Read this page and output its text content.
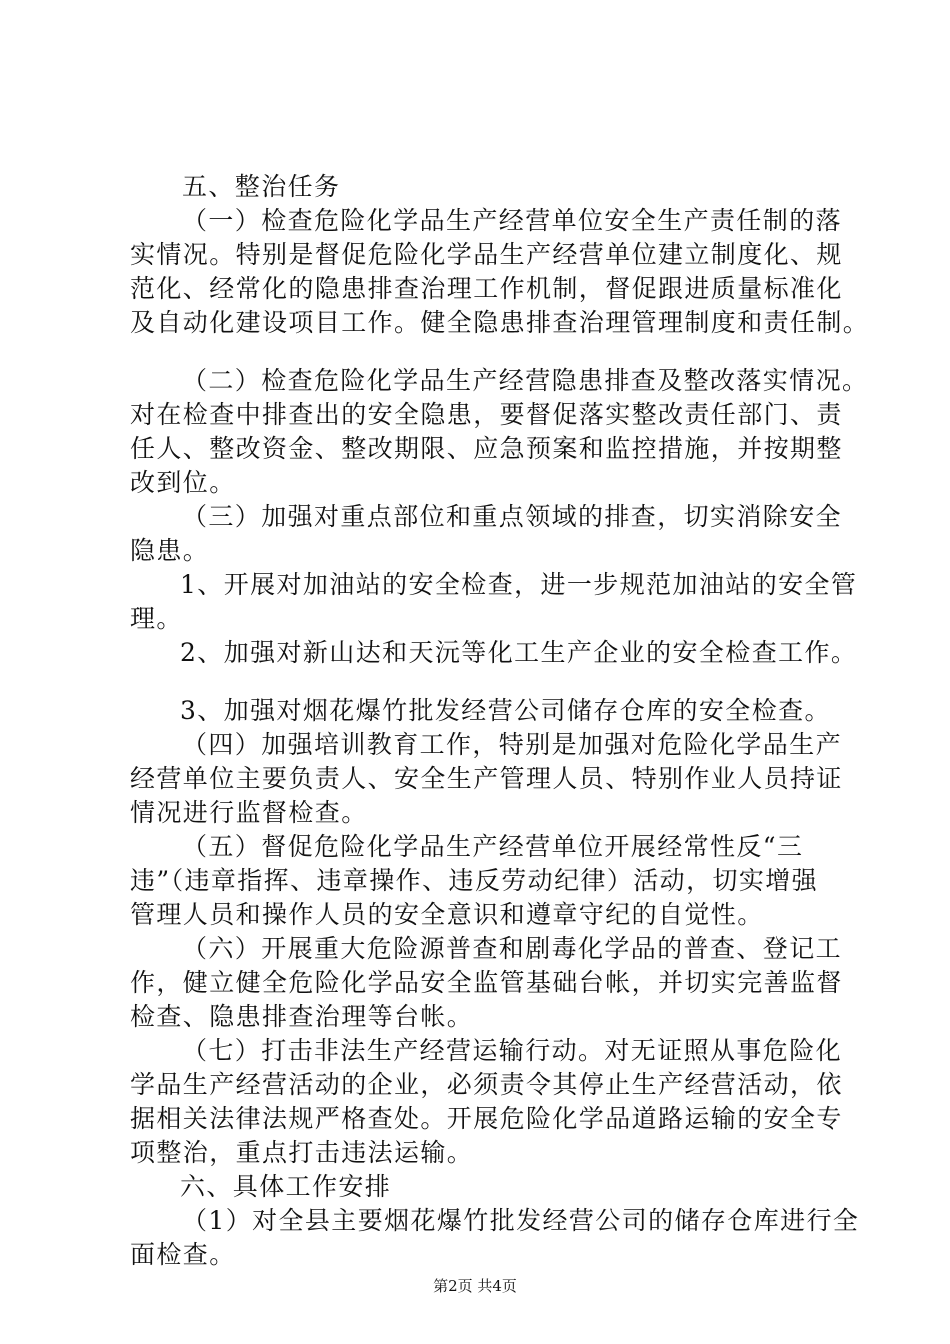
五、整治任务
（一）检查危险化学品生产经营单位安全生产责任制的落
实情况。特别是督促危险化学品生产经营单位建立制度化、规
范化、经常化的隐患排查治理工作机制，督促跟进质量标准化
及自动化建设项目工作。健全隐患排查治理管理制度和责任制。
（二）检查危险化学品生产经营隐患排查及整改落实情况。
对在检查中排查出的安全隐患，要督促落实整改责任部门、责
任人、整改资金、整改期限、应急预案和监控措施，并按期整
改到位。
（三）加强对重点部位和重点领域的排查，切实消除安全
隐患。
1、开展对加油站的安全检查，进一步规范加油站的安全管
理。
2、加强对新山达和天沅等化工生产企业的安全检查工作。
3、加强对烟花爆竹批发经营公司储存仓库的安全检查。
（四）加强培训教育工作，特别是加强对危险化学品生产
经营单位主要负责人、安全生产管理人员、特别作业人员持证
情况进行监督检查。
（五）督促危险化学品生产经营单位开展经常性反“三
违”（违章指挥、违章操作、违反劳动纪律）活动，切实增强
管理人员和操作人员的安全意识和遵章守纪的自觉性。
（六）开展重大危险源普查和剧毒化学品的普查、登记工
作，健立健全危险化学品安全监管基础台帐，并切实完善监督
检查、隐患排查治理等台帐。
（七）打击非法生产经营运输行动。对无证照从事危险化
学品生产经营活动的企业，必须责令其停止生产经营活动，依
据相关法律法规严格查处。开展危险化学品道路运输的安全专
项整治，重点打击违法运输。
六、具体工作安排
（1）对全县主要烟花爆竹批发经营公司的储存仓库进行全
面检查。
第2页 共4页
